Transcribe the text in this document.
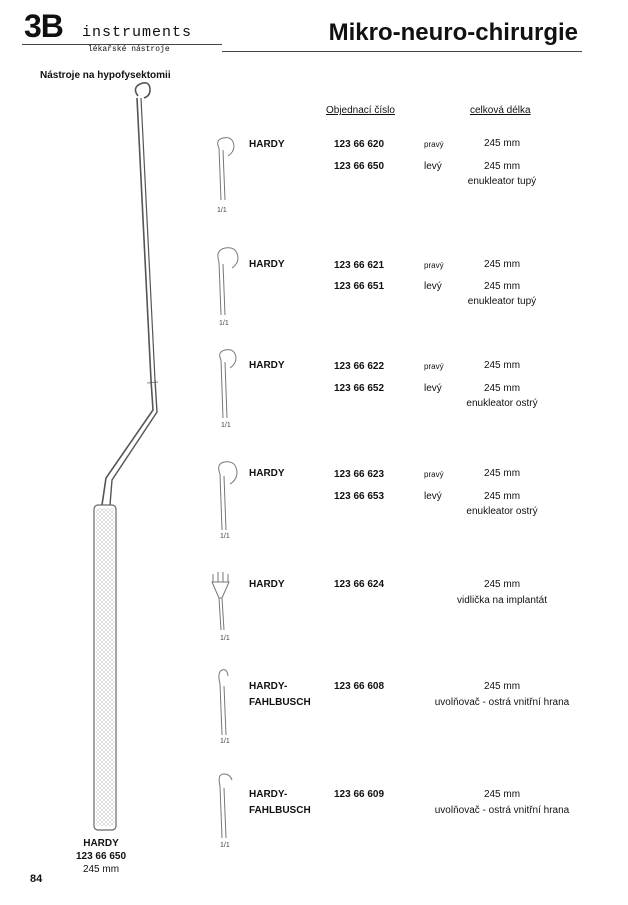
3B instruments
lékařské nástroje
Mikro-neuro-chirurgie
Nástroje na hypofysektomii
Objednací číslo	celková délka
1/1
1/1
1/1
1/1
1/1
1/1
1/1
HARDY	123 66 620	pravý	245 mm
123 66 650	levý	245 mm
enukleator tupý
HARDY	123 66 621	pravý	245 mm
123 66 651	levý	245 mm
enukleator tupý
HARDY	123 66 622	pravý	245 mm
123 66 652	levý	245 mm
enukleator ostrý
HARDY	123 66 623	pravý	245 mm
123 66 653	levý	245 mm
enukleator ostrý
HARDY	123 66 624	245 mm
vidlička na implantát
HARDY-
FAHLBUSCH
123 66 608	245 mm
uvolňovač - ostrá vnitřní hrana
HARDY-
FAHLBUSCH
123 66 609	245 mm
uvolňovač - ostrá vnitřní hrana
HARDY
123 66 650
245 mm
84
